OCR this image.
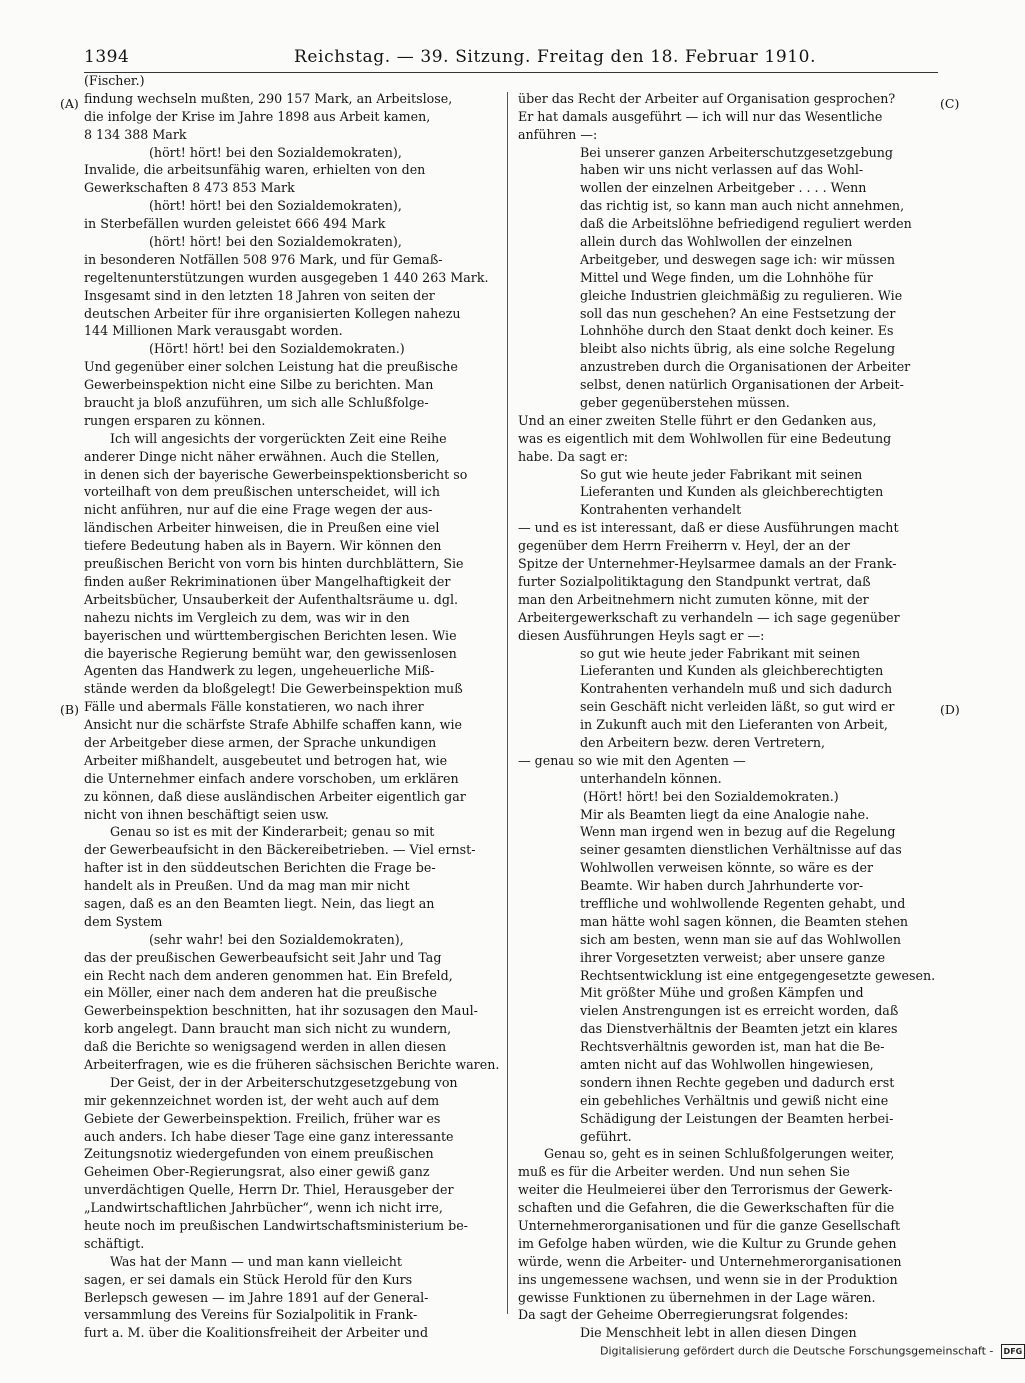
1394	Reichstag. — 39. Sitzung. Freitag den 18. Februar 1910.
(A)
(B)
(C)
(D)
(Fischer.)
findung wechseln mußten, 290 157 Mark, an Arbeitslose,
die infolge der Krise im Jahre 1898 aus Arbeit kamen,
8 134 388 Mark
(hört! hört! bei den Sozialdemokraten),
Invalide, die arbeitsunfähig waren, erhielten von den
Gewerkschaften 8 473 853 Mark
(hört! hört! bei den Sozialdemokraten),
in Sterbefällen wurden geleistet 666 494 Mark
(hört! hört! bei den Sozialdemokraten),
in besonderen Notfällen 508 976 Mark, und für Gemaß-
regeltenunterstützungen wurden ausgegeben 1 440 263 Mark.
Insgesamt sind in den letzten 18 Jahren von seiten der
deutschen Arbeiter für ihre organisierten Kollegen nahezu
144 Millionen Mark verausgabt worden.
(Hört! hört! bei den Sozialdemokraten.)
Und gegenüber einer solchen Leistung hat die preußische
Gewerbeinspektion nicht eine Silbe zu berichten. Man
braucht ja bloß anzuführen, um sich alle Schlußfolge-
rungen ersparen zu können.
Ich will angesichts der vorgerückten Zeit eine Reihe
anderer Dinge nicht näher erwähnen. Auch die Stellen,
in denen sich der bayerische Gewerbeinspektionsbericht so
vorteilhaft von dem preußischen unterscheidet, will ich
nicht anführen, nur auf die eine Frage wegen der aus-
ländischen Arbeiter hinweisen, die in Preußen eine viel
tiefere Bedeutung haben als in Bayern. Wir können den
preußischen Bericht von vorn bis hinten durchblättern, Sie
finden außer Rekriminationen über Mangelhaftigkeit der
Arbeitsbücher, Unsauberkeit der Aufenthaltsräume u. dgl.
nahezu nichts im Vergleich zu dem, was wir in den
bayerischen und württembergischen Berichten lesen. Wie
die bayerische Regierung bemüht war, den gewissenlosen
Agenten das Handwerk zu legen, ungeheuerliche Miß-
stände werden da bloßgelegt! Die Gewerbeinspektion muß
Fälle und abermals Fälle konstatieren, wo nach ihrer
Ansicht nur die schärfste Strafe Abhilfe schaffen kann, wie
der Arbeitgeber diese armen, der Sprache unkundigen
Arbeiter mißhandelt, ausgebeutet und betrogen hat, wie
die Unternehmer einfach andere vorschoben, um erklären
zu können, daß diese ausländischen Arbeiter eigentlich gar
nicht von ihnen beschäftigt seien usw.
Genau so ist es mit der Kinderarbeit; genau so mit
der Gewerbeaufsicht in den Bäckereibetrieben. — Viel ernst-
hafter ist in den süddeutschen Berichten die Frage be-
handelt als in Preußen. Und da mag man mir nicht
sagen, daß es an den Beamten liegt. Nein, das liegt an
dem System
(sehr wahr! bei den Sozialdemokraten),
das der preußischen Gewerbeaufsicht seit Jahr und Tag
ein Recht nach dem anderen genommen hat. Ein Brefeld,
ein Möller, einer nach dem anderen hat die preußische
Gewerbeinspektion beschnitten, hat ihr sozusagen den Maul-
korb angelegt. Dann braucht man sich nicht zu wundern,
daß die Berichte so wenigsagend werden in allen diesen
Arbeiterfragen, wie es die früheren sächsischen Berichte waren.
Der Geist, der in der Arbeiterschutzgesetzgebung von
mir gekennzeichnet worden ist, der weht auch auf dem
Gebiete der Gewerbeinspektion. Freilich, früher war es
auch anders. Ich habe dieser Tage eine ganz interessante
Zeitungsnotiz wiedergefunden von einem preußischen
Geheimen Ober-Regierungsrat, also einer gewiß ganz
unverdächtigen Quelle, Herrn Dr. Thiel, Herausgeber der
„Landwirtschaftlichen Jahrbücher“, wenn ich nicht irre,
heute noch im preußischen Landwirtschaftsministerium be-
schäftigt.
Was hat der Mann — und man kann vielleicht
sagen, er sei damals ein Stück Herold für den Kurs
Berlepsch gewesen — im Jahre 1891 auf der General-
versammlung des Vereins für Sozialpolitik in Frank-
furt a. M. über die Koalitionsfreiheit der Arbeiter und
über das Recht der Arbeiter auf Organisation gesprochen?
Er hat damals ausgeführt — ich will nur das Wesentliche
anführen —:
Bei unserer ganzen Arbeiterschutzgesetzgebung
haben wir uns nicht verlassen auf das Wohl-
wollen der einzelnen Arbeitgeber . . . . Wenn
das richtig ist, so kann man auch nicht annehmen,
daß die Arbeitslöhne befriedigend reguliert werden
allein durch das Wohlwollen der einzelnen
Arbeitgeber, und deswegen sage ich: wir müssen
Mittel und Wege finden, um die Lohnhöhe für
gleiche Industrien gleichmäßig zu regulieren. Wie
soll das nun geschehen? An eine Festsetzung der
Lohnhöhe durch den Staat denkt doch keiner. Es
bleibt also nichts übrig, als eine solche Regelung
anzustreben durch die Organisationen der Arbeiter
selbst, denen natürlich Organisationen der Arbeit-
geber gegenüberstehen müssen.
Und an einer zweiten Stelle führt er den Gedanken aus,
was es eigentlich mit dem Wohlwollen für eine Bedeutung
habe. Da sagt er:
So gut wie heute jeder Fabrikant mit seinen
Lieferanten und Kunden als gleichberechtigten
Kontrahenten verhandelt
— und es ist interessant, daß er diese Ausführungen macht
gegenüber dem Herrn Freiherrn v. Heyl, der an der
Spitze der Unternehmer-Heylsarmee damals an der Frank-
furter Sozialpolitiktagung den Standpunkt vertrat, daß
man den Arbeitnehmern nicht zumuten könne, mit der
Arbeitergewerkschaft zu verhandeln — ich sage gegenüber
diesen Ausführungen Heyls sagt er —:
so gut wie heute jeder Fabrikant mit seinen
Lieferanten und Kunden als gleichberechtigten
Kontrahenten verhandeln muß und sich dadurch
sein Geschäft nicht verleiden läßt, so gut wird er
in Zukunft auch mit den Lieferanten von Arbeit,
den Arbeitern bezw. deren Vertretern,
— genau so wie mit den Agenten —
unterhandeln können.
(Hört! hört! bei den Sozialdemokraten.)
Mir als Beamten liegt da eine Analogie nahe.
Wenn man irgend wen in bezug auf die Regelung
seiner gesamten dienstlichen Verhältnisse auf das
Wohlwollen verweisen könnte, so wäre es der
Beamte. Wir haben durch Jahrhunderte vor-
treffliche und wohlwollende Regenten gehabt, und
man hätte wohl sagen können, die Beamten stehen
sich am besten, wenn man sie auf das Wohlwollen
ihrer Vorgesetzten verweist; aber unsere ganze
Rechtsentwicklung ist eine entgegengesetzte gewesen.
Mit größter Mühe und großen Kämpfen und
vielen Anstrengungen ist es erreicht worden, daß
das Dienstverhältnis der Beamten jetzt ein klares
Rechtsverhältnis geworden ist, man hat die Be-
amten nicht auf das Wohlwollen hingewiesen,
sondern ihnen Rechte gegeben und dadurch erst
ein gebehliches Verhältnis und gewiß nicht eine
Schädigung der Leistungen der Beamten herbei-
geführt.
Genau so, geht es in seinen Schlußfolgerungen weiter,
muß es für die Arbeiter werden. Und nun sehen Sie
weiter die Heulmeierei über den Terrorismus der Gewerk-
schaften und die Gefahren, die die Gewerkschaften für die
Unternehmerorganisationen und für die ganze Gesellschaft
im Gefolge haben würden, wie die Kultur zu Grunde gehen
würde, wenn die Arbeiter- und Unternehmerorganisationen
ins ungemessene wachsen, und wenn sie in der Produktion
gewisse Funktionen zu übernehmen in der Lage wären.
Da sagt der Geheime Oberregierungsrat folgendes:
Die Menschheit lebt in allen diesen Dingen
Digitalisierung gefördert durch die Deutsche Forschungsgemeinschaft - DFG
